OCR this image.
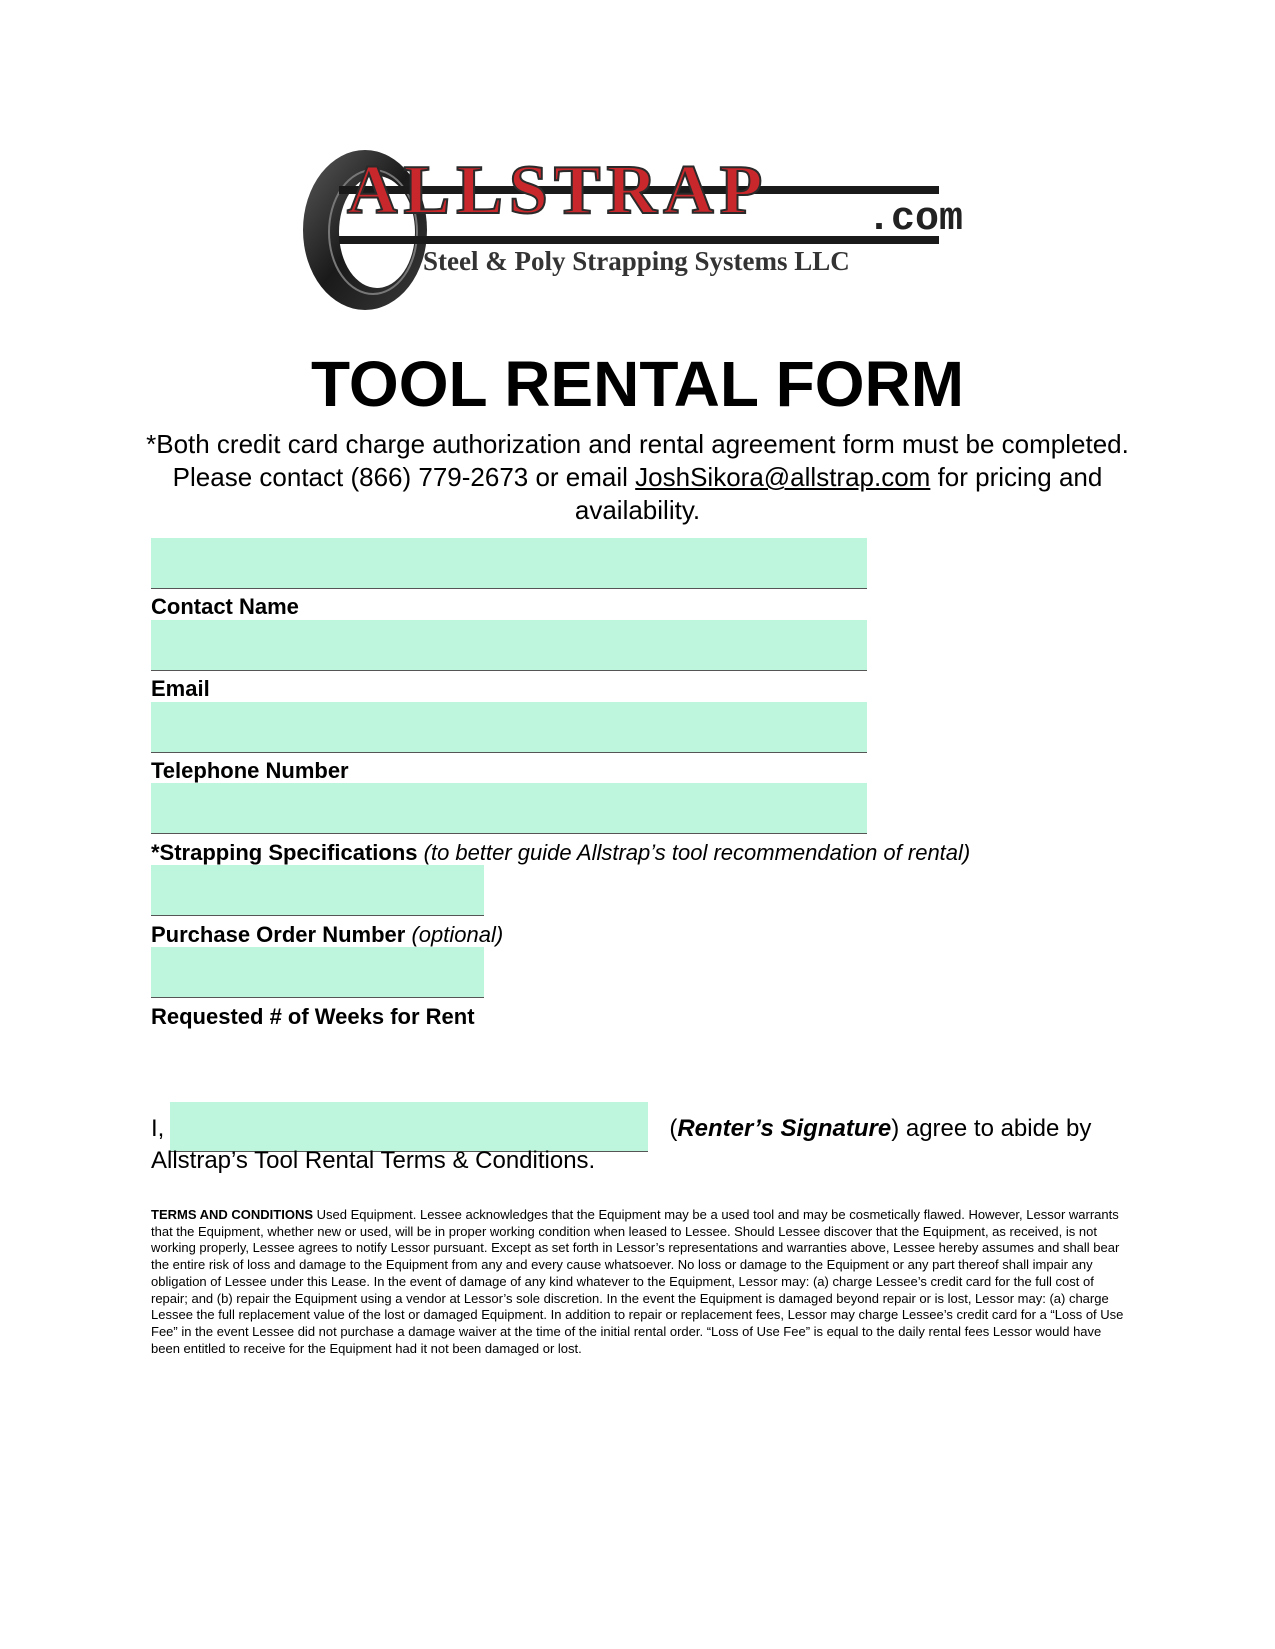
ALLSTRAP .com
Steel & Poly Strapping Systems LLC
TOOL RENTAL FORM
*Both credit card charge authorization and rental agreement form must be completed. Please contact (866) 779-2673 or email JoshSikora@allstrap.com for pricing and availability.
Contact Name
Email
Telephone Number
*Strapping Specifications (to better guide Allstrap’s tool recommendation of rental)
Purchase Order Number (optional)
Requested # of Weeks for Rent
I,	(Renter’s Signature) agree to abide by
Allstrap’s Tool Rental Terms & Conditions.
TERMS AND CONDITIONS Used Equipment. Lessee acknowledges that the Equipment may be a used tool and may be cosmetically flawed. However, Lessor warrants that the Equipment, whether new or used, will be in proper working condition when leased to Lessee. Should Lessee discover that the Equipment, as received, is not working properly, Lessee agrees to notify Lessor pursuant. Except as set forth in Lessor’s representations and warranties above, Lessee hereby assumes and shall bear the entire risk of loss and damage to the Equipment from any and every cause whatsoever. No loss or damage to the Equipment or any part thereof shall impair any obligation of Lessee under this Lease. In the event of damage of any kind whatever to the Equipment, Lessor may: (a) charge Lessee’s credit card for the full cost of repair; and (b) repair the Equipment using a vendor at Lessor’s sole discretion. In the event the Equipment is damaged beyond repair or is lost, Lessor may: (a) charge Lessee the full replacement value of the lost or damaged Equipment. In addition to repair or replacement fees, Lessor may charge Lessee’s credit card for a “Loss of Use Fee” in the event Lessee did not purchase a damage waiver at the time of the initial rental order. “Loss of Use Fee” is equal to the daily rental fees Lessor would have been entitled to receive for the Equipment had it not been damaged or lost.
